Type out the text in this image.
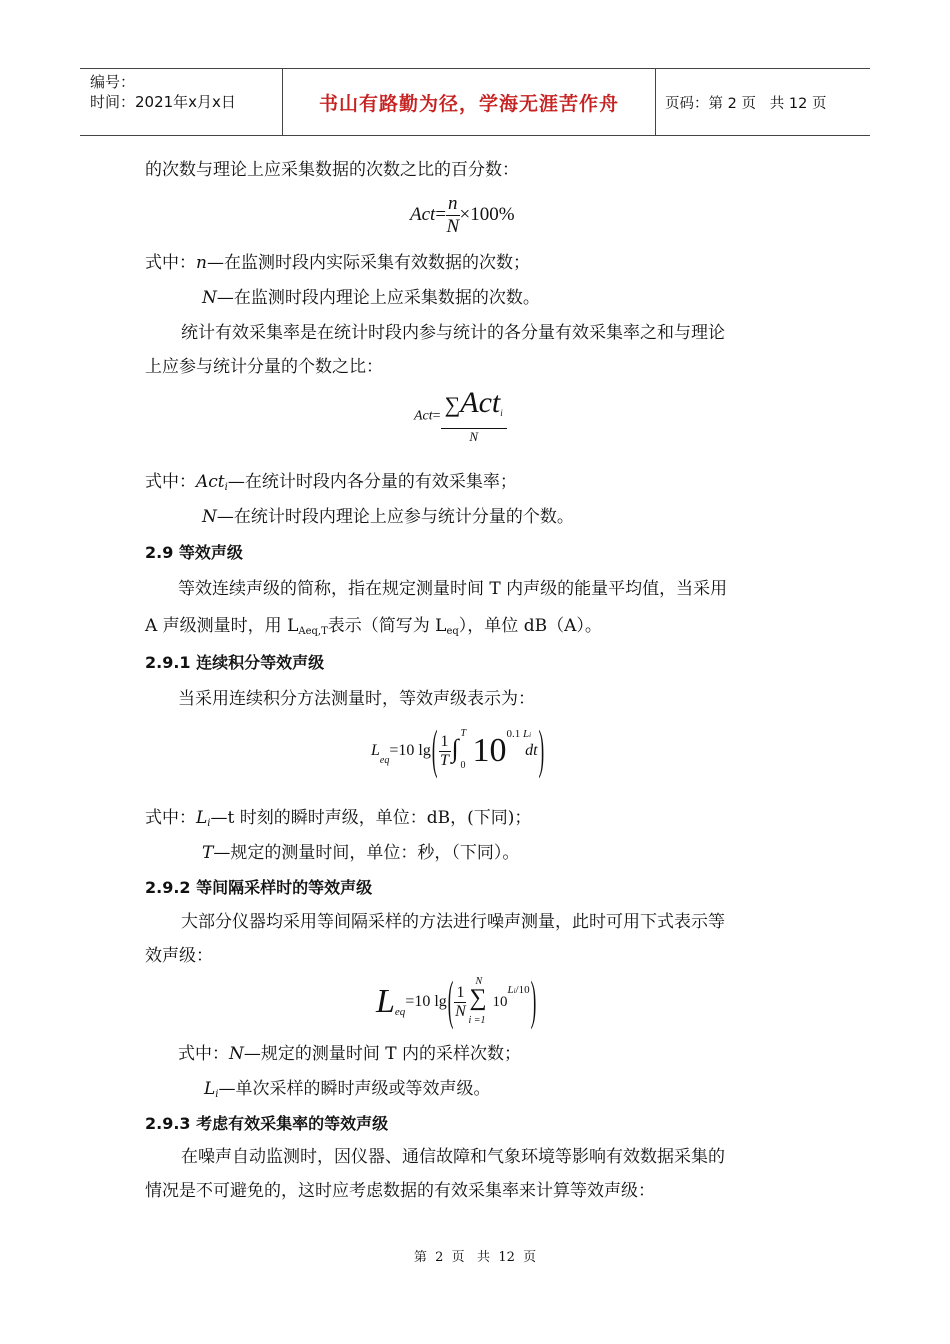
编号：
时间：2021年x月x日	书山有路勤为径，学海无涯苦作舟	页码：第 2 页   共 12 页
的次数与理论上应采集数据的次数之比的百分数：
$Act= \frac{n}{N} \times 100\%$
式中：n—在监测时段内实际采集有效数据的次数；
N—在监测时段内理论上应采集数据的次数。
统计有效采集率是在统计时段内参与统计的各分量有效采集率之和与理论
上应参与统计分量的个数之比：
$Act= \frac{\sum Act_i}{N}$
式中：Act$_i$—在统计时段内各分量的有效采集率；
N—在统计时段内理论上应参与统计分量的个数。
2.9 等效声级
等效连续声级的简称，指在规定测量时间 T 内声级的能量平均值，当采用
A 声级测量时，用 $L_{Aeq,T}$表示（简写为 $L_{eq}$），单位 dB（A）。
2.9.1 连续积分等效声级
当采用连续积分方法测量时，等效声级表示为：
L
eq
=10 lg ( $\frac{1}{T}$ ∫
T
0 10 0.1 Li
dt )
式中：$L_i—t$ 时刻的瞬时声级，单位：dB，(下同)；
T—规定的测量时间，单位：秒，（下同）。
2.9.2 等间隔采样时的等效声级
大部分仪器均采用等间隔采样的方法进行噪声测量，此时可用下式表示等
效声级：
L eq
=10 lg ( $\frac{1}{N}$
N
∑
i =1
10
Li/10 )
式中：N—规定的测量时间 T 内的采样次数；
$L_i—$单次采样的瞬时声级或等效声级。
2.9.3 考虑有效采集率的等效声级
在噪声自动监测时，因仪器、通信故障和气象环境等影响有效数据采集的
情况是不可避免的，这时应考虑数据的有效采集率来计算等效声级：
第  2  页   共  12  页
